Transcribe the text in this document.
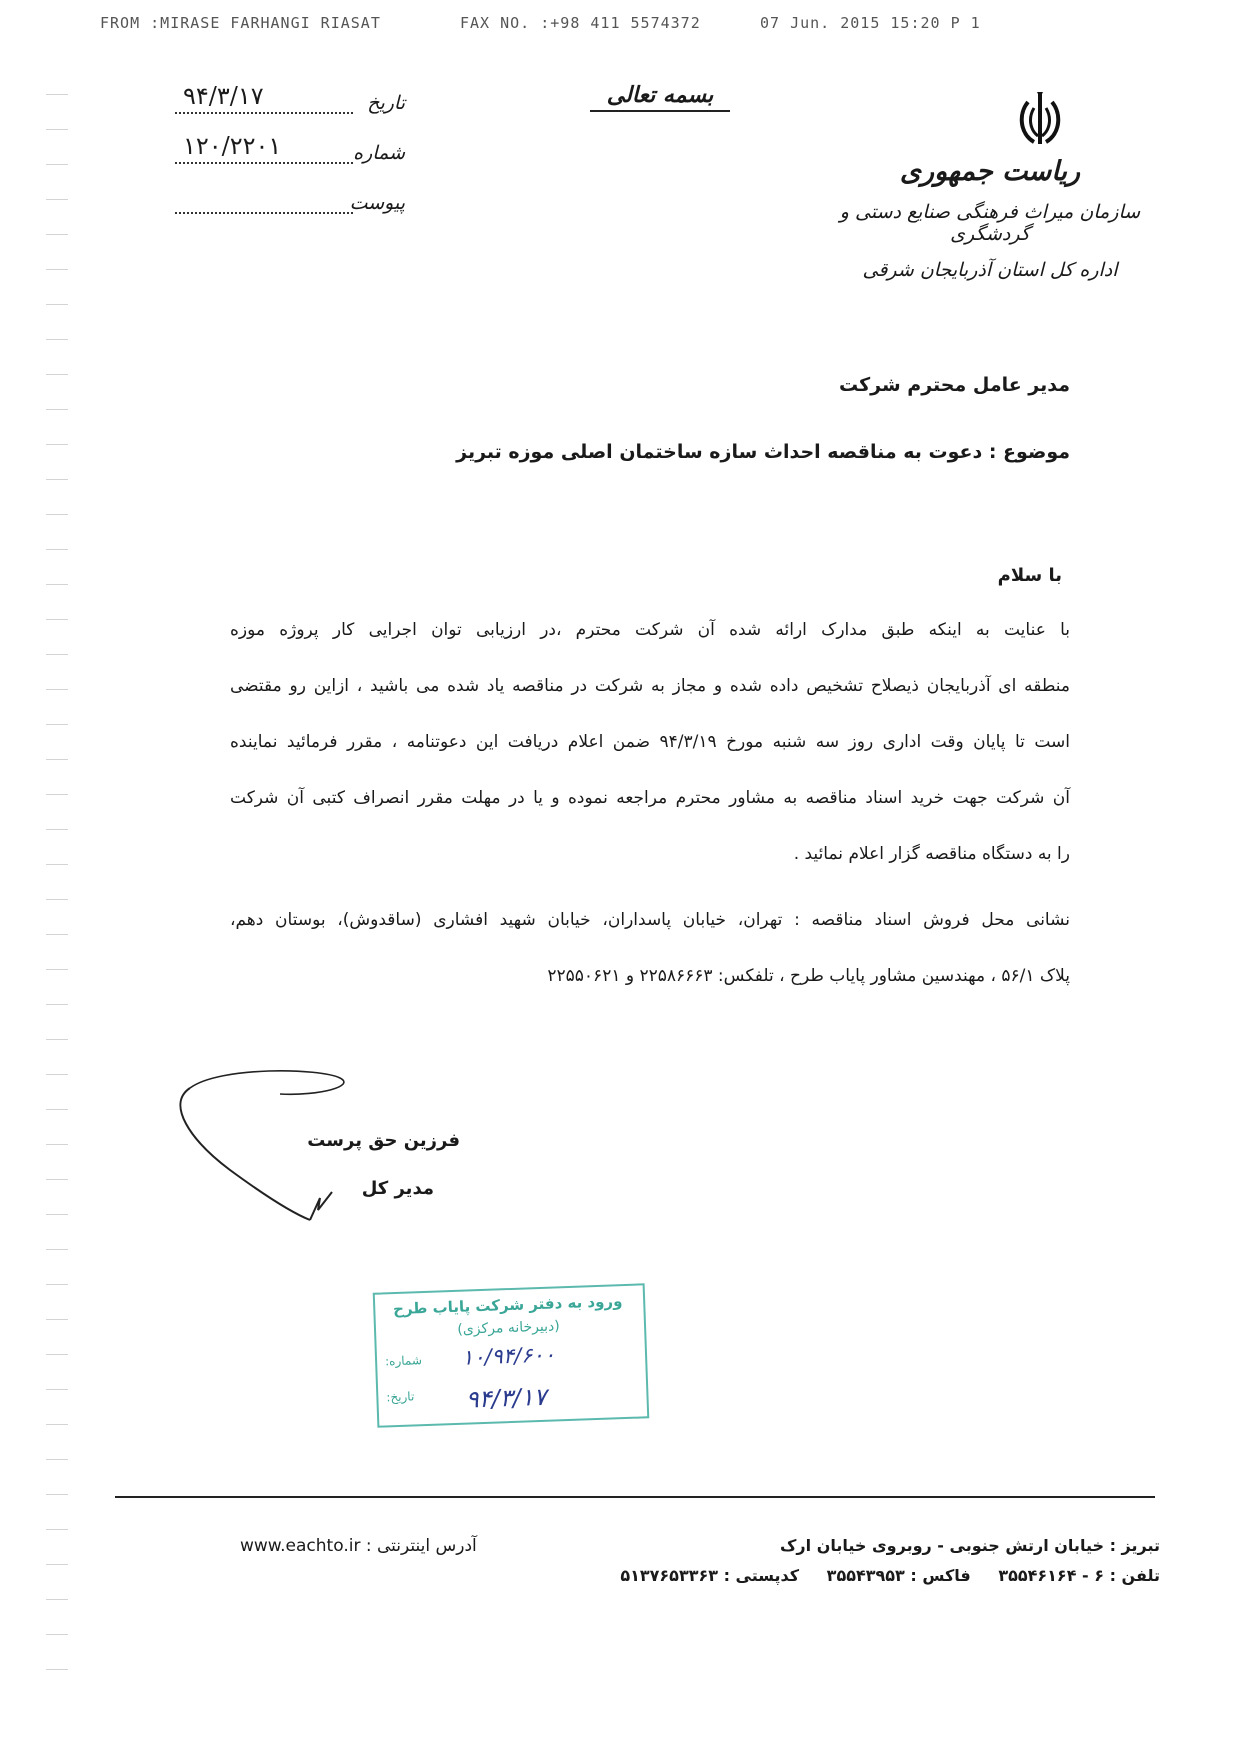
FROM :MIRASE FARHANGI RIASAT	FAX NO. :+98 411 5574372	07 Jun. 2015 15:20 P 1
تاریخ
۹۴/۳/۱۷
شماره
۱۲۰/۲۲۰۱
پیوست
بسمه تعالی
ریاست جمهوری
سازمان میراث فرهنگی صنایع دستی و گردشگری
اداره کل استان آذربایجان شرقی
مدیر عامل محترم شرکت
موضوع : دعوت به مناقصه احداث سازه ساختمان اصلی موزه تبریز
با سلام

با عنایت به اینکه طبق مدارک ارائه شده آن شرکت محترم ،در ارزیابی توان اجرایی کار پروژه موزه

منطقه ای آذربایجان ذیصلاح تشخیص داده شده و مجاز به شرکت در مناقصه یاد شده می باشید ، ازاین رو مقتضی

است تا پایان وقت اداری روز سه شنبه مورخ ۹۴/۳/۱۹ ضمن اعلام دریافت این دعوتنامه ، مقرر فرمائید نماینده

آن شرکت جهت خرید اسناد مناقصه به مشاور محترم مراجعه نموده و یا در مهلت مقرر انصراف کتبی آن شرکت

را به دستگاه مناقصه گزار اعلام نمائید .

نشانی محل فروش اسناد مناقصه : تهران، خیابان پاسداران، خیابان شهید افشاری (ساقدوش)، بوستان دهم،

پلاک ۵۶/۱ ، مهندسین مشاور پایاب طرح ، تلفکس: ۲۲۵۸۶۶۶۳ و ۲۲۵۵۰۶۲۱

فرزین حق پرست
مدیر کل
ورود به دفتر شرکت پایاب طرح
(دبیرخانه مرکزی)
شماره: ۱۰/۹۴/۶۰۰
تاریخ: ۹۴/۳/۱۷
آدرس اینترنتی : www.eachto.ir	تبریز : خیابان ارتش جنوبی - روبروی خیابان ارک
تلفن : ۶ - ۳۵۵۴۶۱۶۴ فاکس : ۳۵۵۴۳۹۵۳ کدپستی : ۵۱۳۷۶۵۳۳۶۳
